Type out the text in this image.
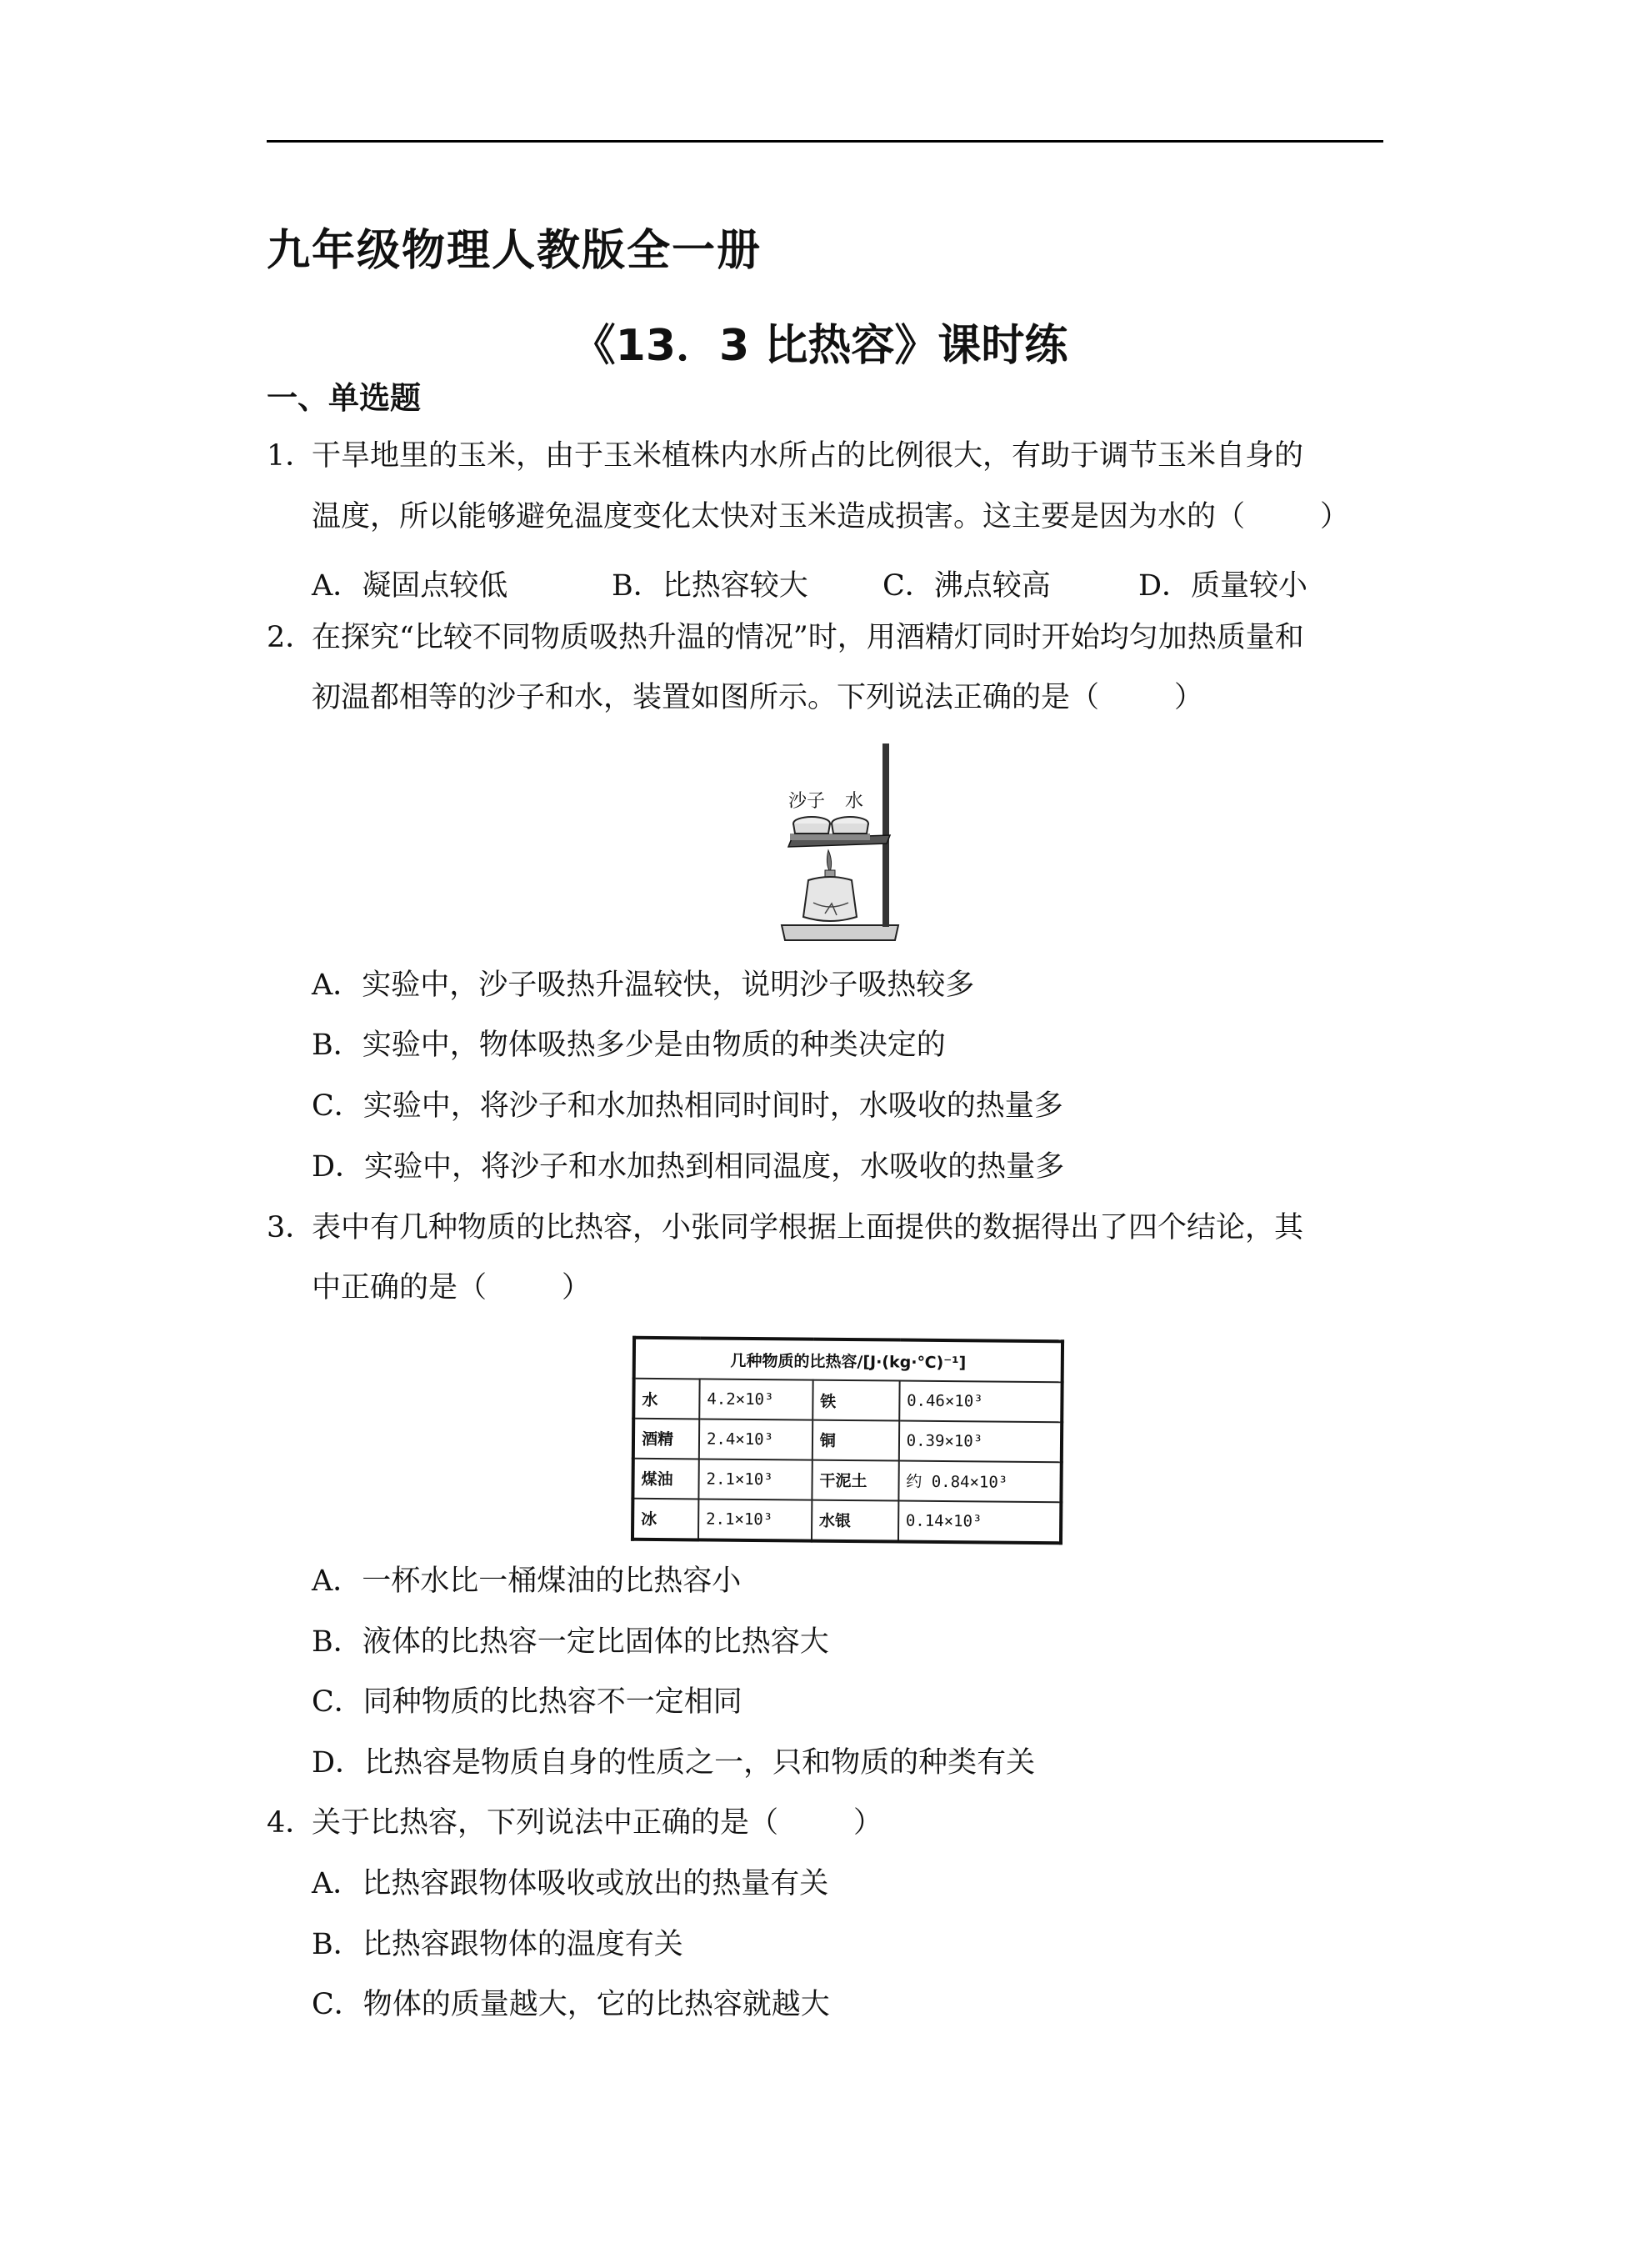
九年级物理人教版全一册
《13．3 比热容》课时练
一、单选题
1．
干旱地里的玉米，由于玉米植株内水所占的比例很大，有助于调节玉米自身的
温度，所以能够避免温度变化太快对玉米造成损害。这主要是因为水的（	）
A．凝固点较低	B．比热容较大	C．沸点较高	D．质量较小
2．
在探究“比较不同物质吸热升温的情况”时，用酒精灯同时开始均匀加热质量和
初温都相等的沙子和水，装置如图所示。下列说法正确的是（	）
沙子 水
A．实验中，沙子吸热升温较快，说明沙子吸热较多
B．实验中，物体吸热多少是由物质的种类决定的
C．实验中，将沙子和水加热相同时间时，水吸收的热量多
D．实验中，将沙子和水加热到相同温度，水吸收的热量多
3．
表中有几种物质的比热容，小张同学根据上面提供的数据得出了四个结论，其
中正确的是（	）
几种物质的比热容/[J·(kg·℃)⁻¹]			
水	4.2×10³	铁	0.46×10³
酒精	2.4×10³	铜	0.39×10³
煤油	2.1×10³	干泥土	约 0.84×10³
冰	2.1×10³	水银	0.14×10³
A．一杯水比一桶煤油的比热容小
B．液体的比热容一定比固体的比热容大
C．同种物质的比热容不一定相同
D．比热容是物质自身的性质之一，只和物质的种类有关
4．
关于比热容，下列说法中正确的是（	）
A．比热容跟物体吸收或放出的热量有关
B．比热容跟物体的温度有关
C．物体的质量越大，它的比热容就越大
